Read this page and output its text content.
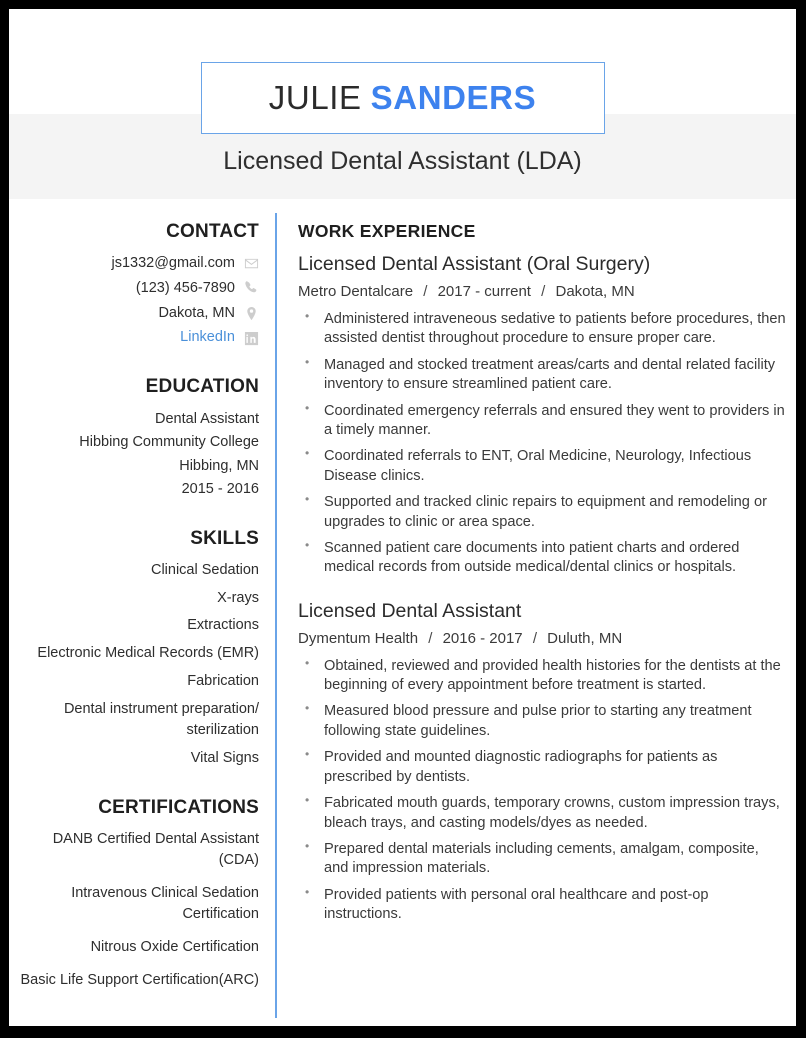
JULIE SANDERS
Licensed Dental Assistant (LDA)
CONTACT
js1332@gmail.com
(123) 456-7890
Dakota, MN
LinkedIn
EDUCATION
Dental Assistant
Hibbing Community College
Hibbing, MN
2015 - 2016
SKILLS
Clinical Sedation
X-rays
Extractions
Electronic Medical Records (EMR)
Fabrication
Dental instrument preparation/ sterilization
Vital Signs
CERTIFICATIONS
DANB Certified Dental Assistant (CDA)
Intravenous Clinical Sedation Certification
Nitrous Oxide Certification
Basic Life Support Certification(ARC)
WORK EXPERIENCE
Licensed Dental Assistant (Oral Surgery)
Metro Dentalcare / 2017 - current / Dakota, MN
• Administered intraveneous sedative to patients before procedures, then assisted dentist throughout procedure to ensure proper care.
• Managed and stocked treatment areas/carts and dental related facility inventory to ensure streamlined patient care.
• Coordinated emergency referrals and ensured they went to providers in a timely manner.
• Coordinated referrals to ENT, Oral Medicine, Neurology, Infectious Disease clinics.
• Supported and tracked clinic repairs to equipment and remodeling or upgrades to clinic or area space.
• Scanned patient care documents into patient charts and ordered medical records from outside medical/dental clinics or hospitals.
Licensed Dental Assistant
Dymentum Health / 2016 - 2017 / Duluth, MN
• Obtained, reviewed and provided health histories for the dentists at the beginning of every appointment before treatment is started.
• Measured blood pressure and pulse prior to starting any treatment following state guidelines.
• Provided and mounted diagnostic radiographs for patients as prescribed by dentists.
• Fabricated mouth guards, temporary crowns, custom impression trays, bleach trays, and casting models/dyes as needed.
• Prepared dental materials including cements, amalgam, composite, and impression materials.
• Provided patients with personal oral healthcare and post-op instructions.
